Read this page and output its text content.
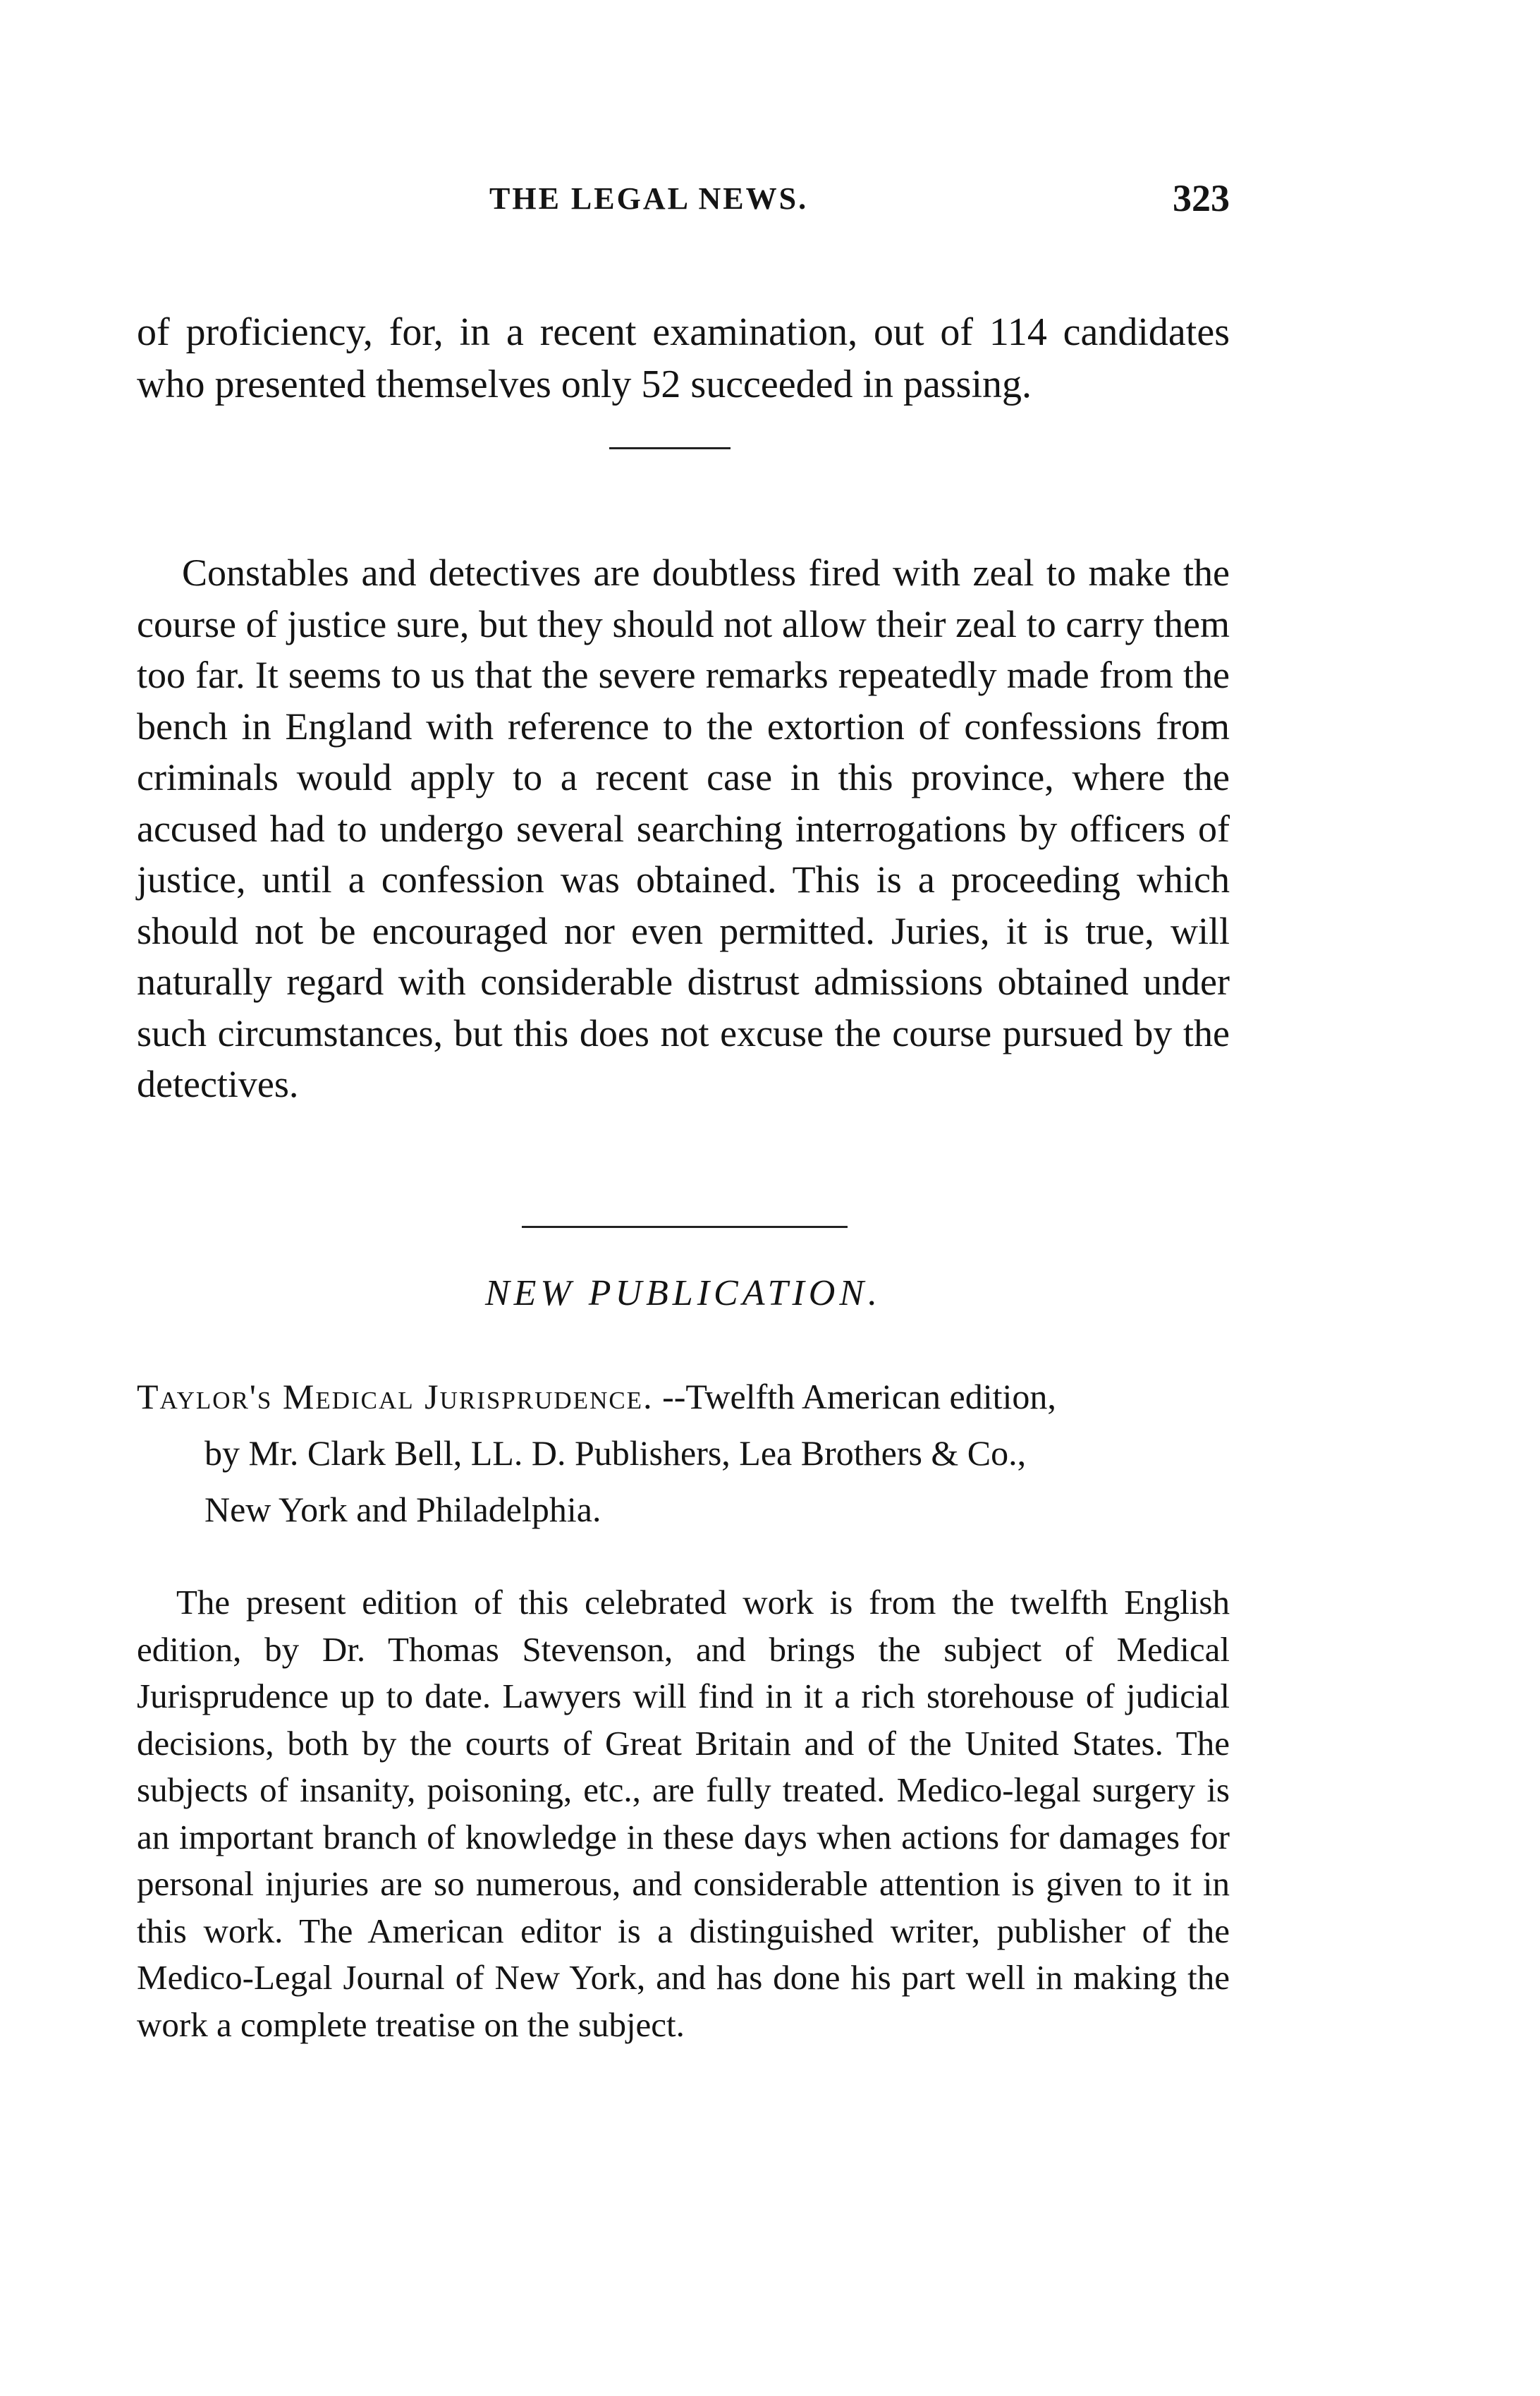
THE LEGAL NEWS.	323

of proficiency, for, in a recent examination, out of 114 candidates who presented themselves only 52 succeeded in passing.

Constables and detectives are doubtless fired with zeal to make the course of justice sure, but they should not allow their zeal to carry them too far. It seems to us that the severe remarks repeatedly made from the bench in England with reference to the extortion of confessions from criminals would apply to a recent case in this province, where the accused had to undergo several searching interrogations by officers of justice, until a confession was obtained. This is a proceeding which should not be encouraged nor even permitted. Juries, it is true, will naturally regard with considerable distrust admissions obtained under such circumstances, but this does not excuse the course pursued by the detectives.

NEW PUBLICATION.
Taylor's Medical Jurisprudence. --Twelfth American edition,
by Mr. Clark Bell, LL. D. Publishers, Lea Brothers & Co.,
New York and Philadelphia.

The present edition of this celebrated work is from the twelfth English edition, by Dr. Thomas Stevenson, and brings the subject of Medical Jurisprudence up to date. Lawyers will find in it a rich storehouse of judicial decisions, both by the courts of Great Britain and of the United States. The subjects of insanity, poisoning, etc., are fully treated. Medico-legal surgery is an important branch of knowledge in these days when actions for damages for personal injuries are so numerous, and considerable attention is given to it in this work. The American editor is a distinguished writer, publisher of the Medico-Legal Journal of New York, and has done his part well in making the work a complete treatise on the subject.
